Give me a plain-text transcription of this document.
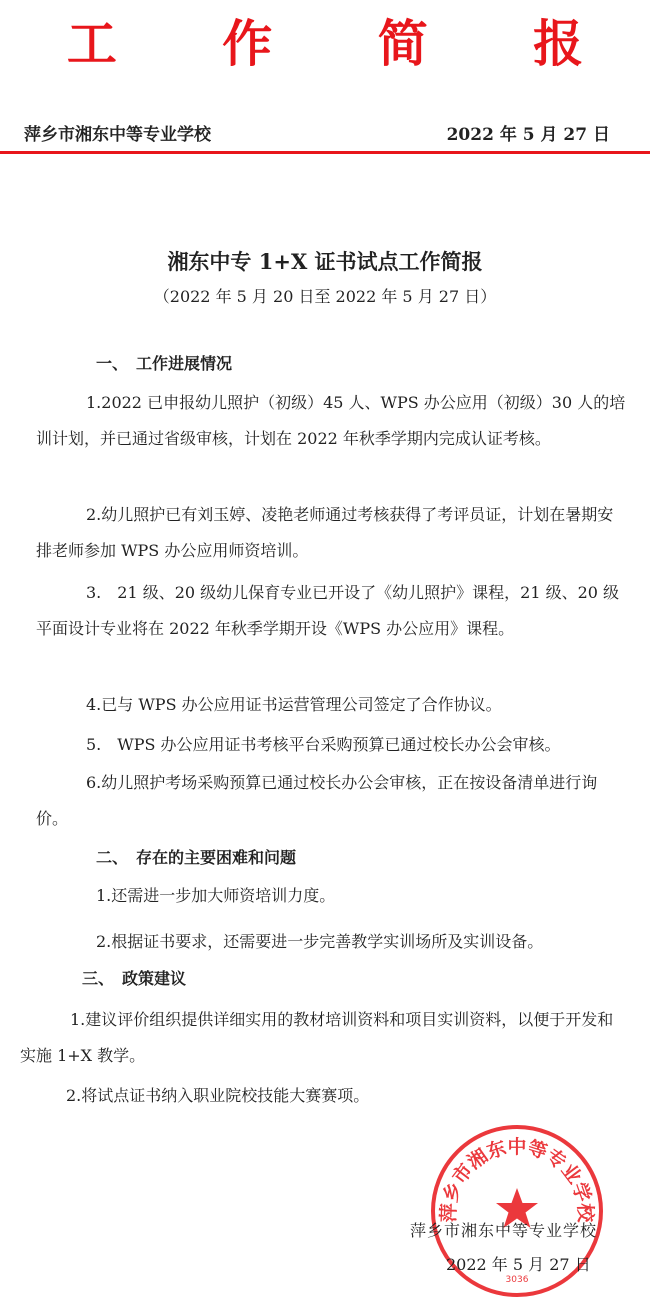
工 作 简 报
萍乡市湘东中等专业学校	2022 年 5 月 27 日
湘东中专 1+X 证书试点工作简报
（2022 年 5 月 20 日至 2022 年 5 月 27 日）
一、　工作进展情况
1.2022 已申报幼儿照护（初级）45 人、WPS 办公应用（初级）30 人的培训计划，并已通过省级审核，计划在 2022 年秋季学期内完成认证考核。
2.幼儿照护已有刘玉婷、凌艳老师通过考核获得了考评员证，计划在暑期安排老师参加 WPS 办公应用师资培训。
3.　21 级、20 级幼儿保育专业已开设了《幼儿照护》课程，21 级、20 级平面设计专业将在 2022 年秋季学期开设《WPS 办公应用》课程。
4.已与 WPS 办公应用证书运营管理公司签定了合作协议。
5.　WPS 办公应用证书考核平台采购预算已通过校长办公会审核。
6.幼儿照护考场采购预算已通过校长办公会审核，正在按设备清单进行询价。
二、　存在的主要困难和问题
1.还需进一步加大师资培训力度。
2.根据证书要求，还需要进一步完善教学实训场所及实训设备。
三、　政策建议
1.建议评价组织提供详细实用的教材培训资料和项目实训资料，以便于开发和实施 1+X 教学。
2.将试点证书纳入职业院校技能大赛赛项。
萍乡市湘东中等专业学校
3036
萍乡市湘东中等专业学校
2022 年 5 月 27 日
